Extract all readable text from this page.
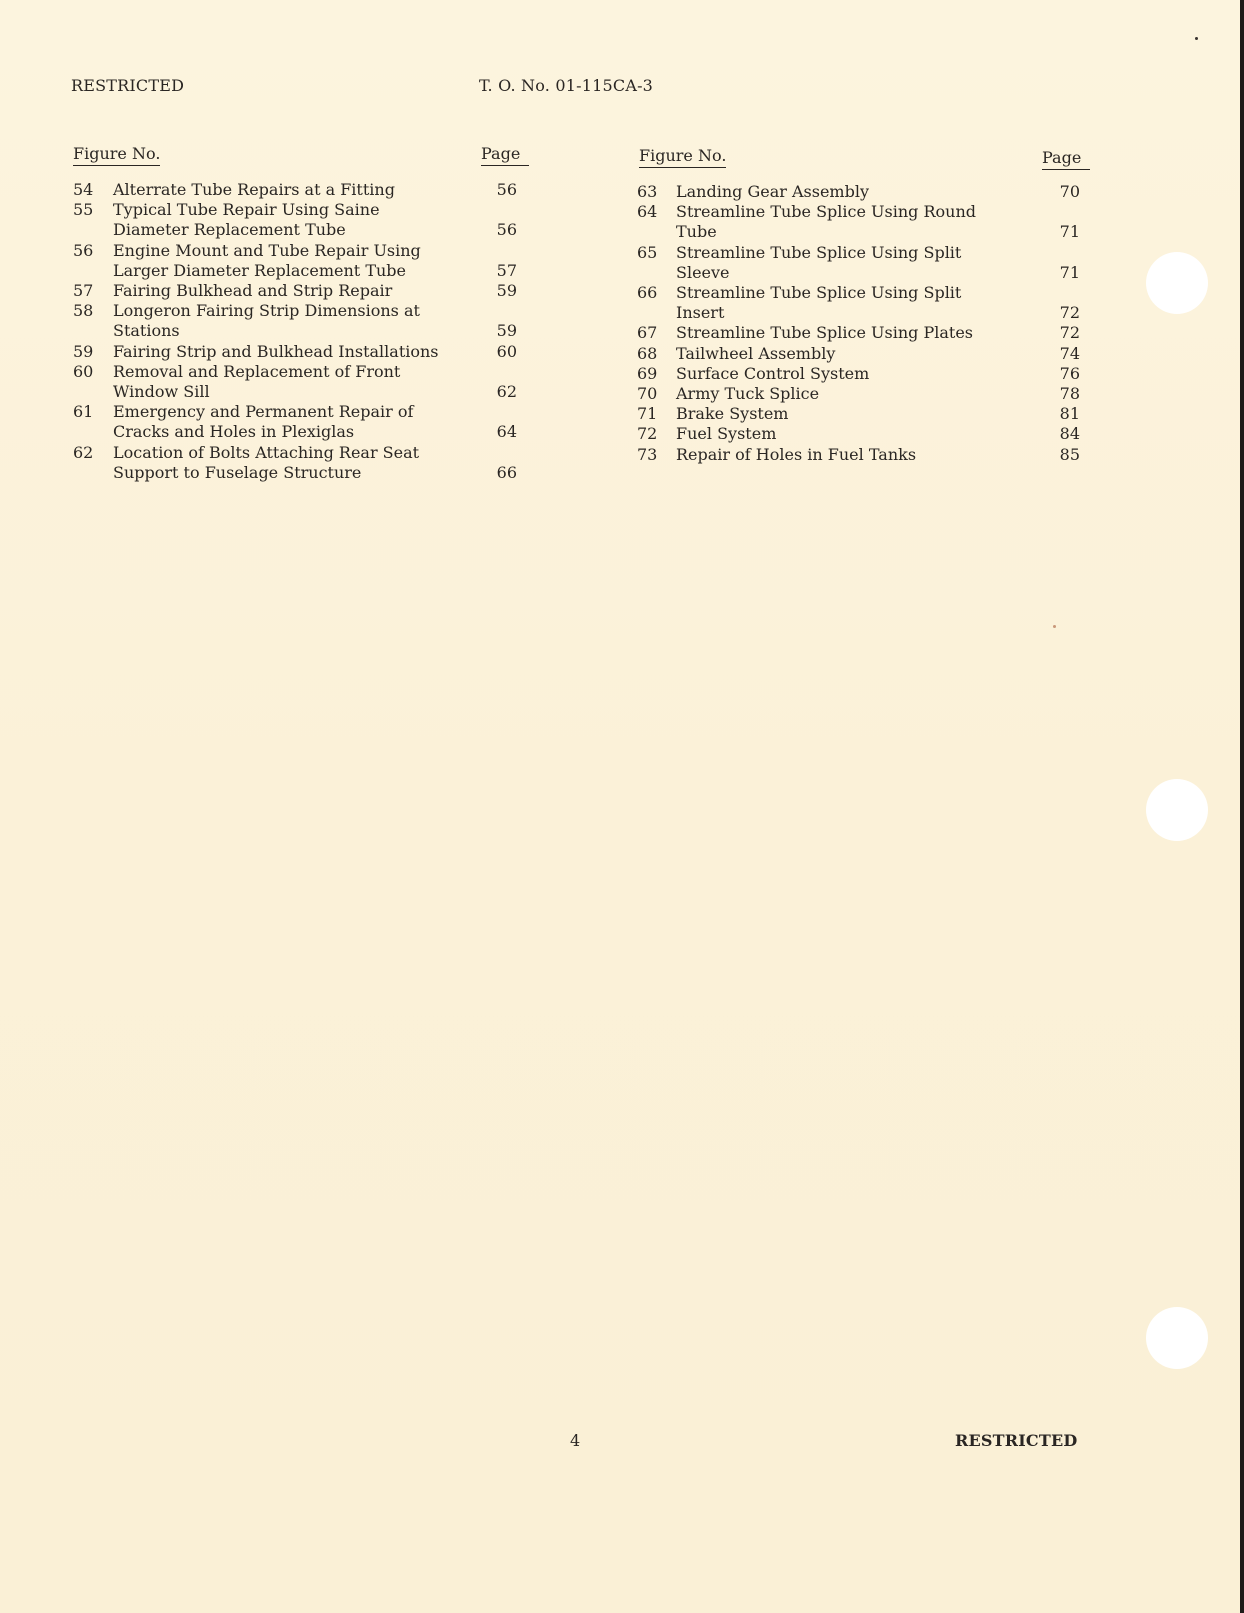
RESTRICTED	T. O. No. 01-115CA-3
Figure No.	Page
54 Alterrate Tube Repairs at a Fitting	56
55 Typical Tube Repair Using Saine
Diameter Replacement Tube	56
56 Engine Mount and Tube Repair Using
Larger Diameter Replacement Tube	57
57 Fairing Bulkhead and Strip Repair	59
58 Longeron Fairing Strip Dimensions at
Stations	59
59 Fairing Strip and Bulkhead Installations	60
60 Removal and Replacement of Front
Window Sill	62
61 Emergency and Permanent Repair of
Cracks and Holes in Plexiglas	64
62 Location of Bolts Attaching Rear Seat
Support to Fuselage Structure	66
Figure No.	Page
63 Landing Gear Assembly	70
64 Streamline Tube Splice Using Round
Tube	71
65 Streamline Tube Splice Using Split
Sleeve	71
66 Streamline Tube Splice Using Split
Insert	72
67 Streamline Tube Splice Using Plates	72
68 Tailwheel Assembly	74
69 Surface Control System	76
70 Army Tuck Splice	78
71 Brake System	81
72 Fuel System	84
73 Repair of Holes in Fuel Tanks	85
4	RESTRICTED
